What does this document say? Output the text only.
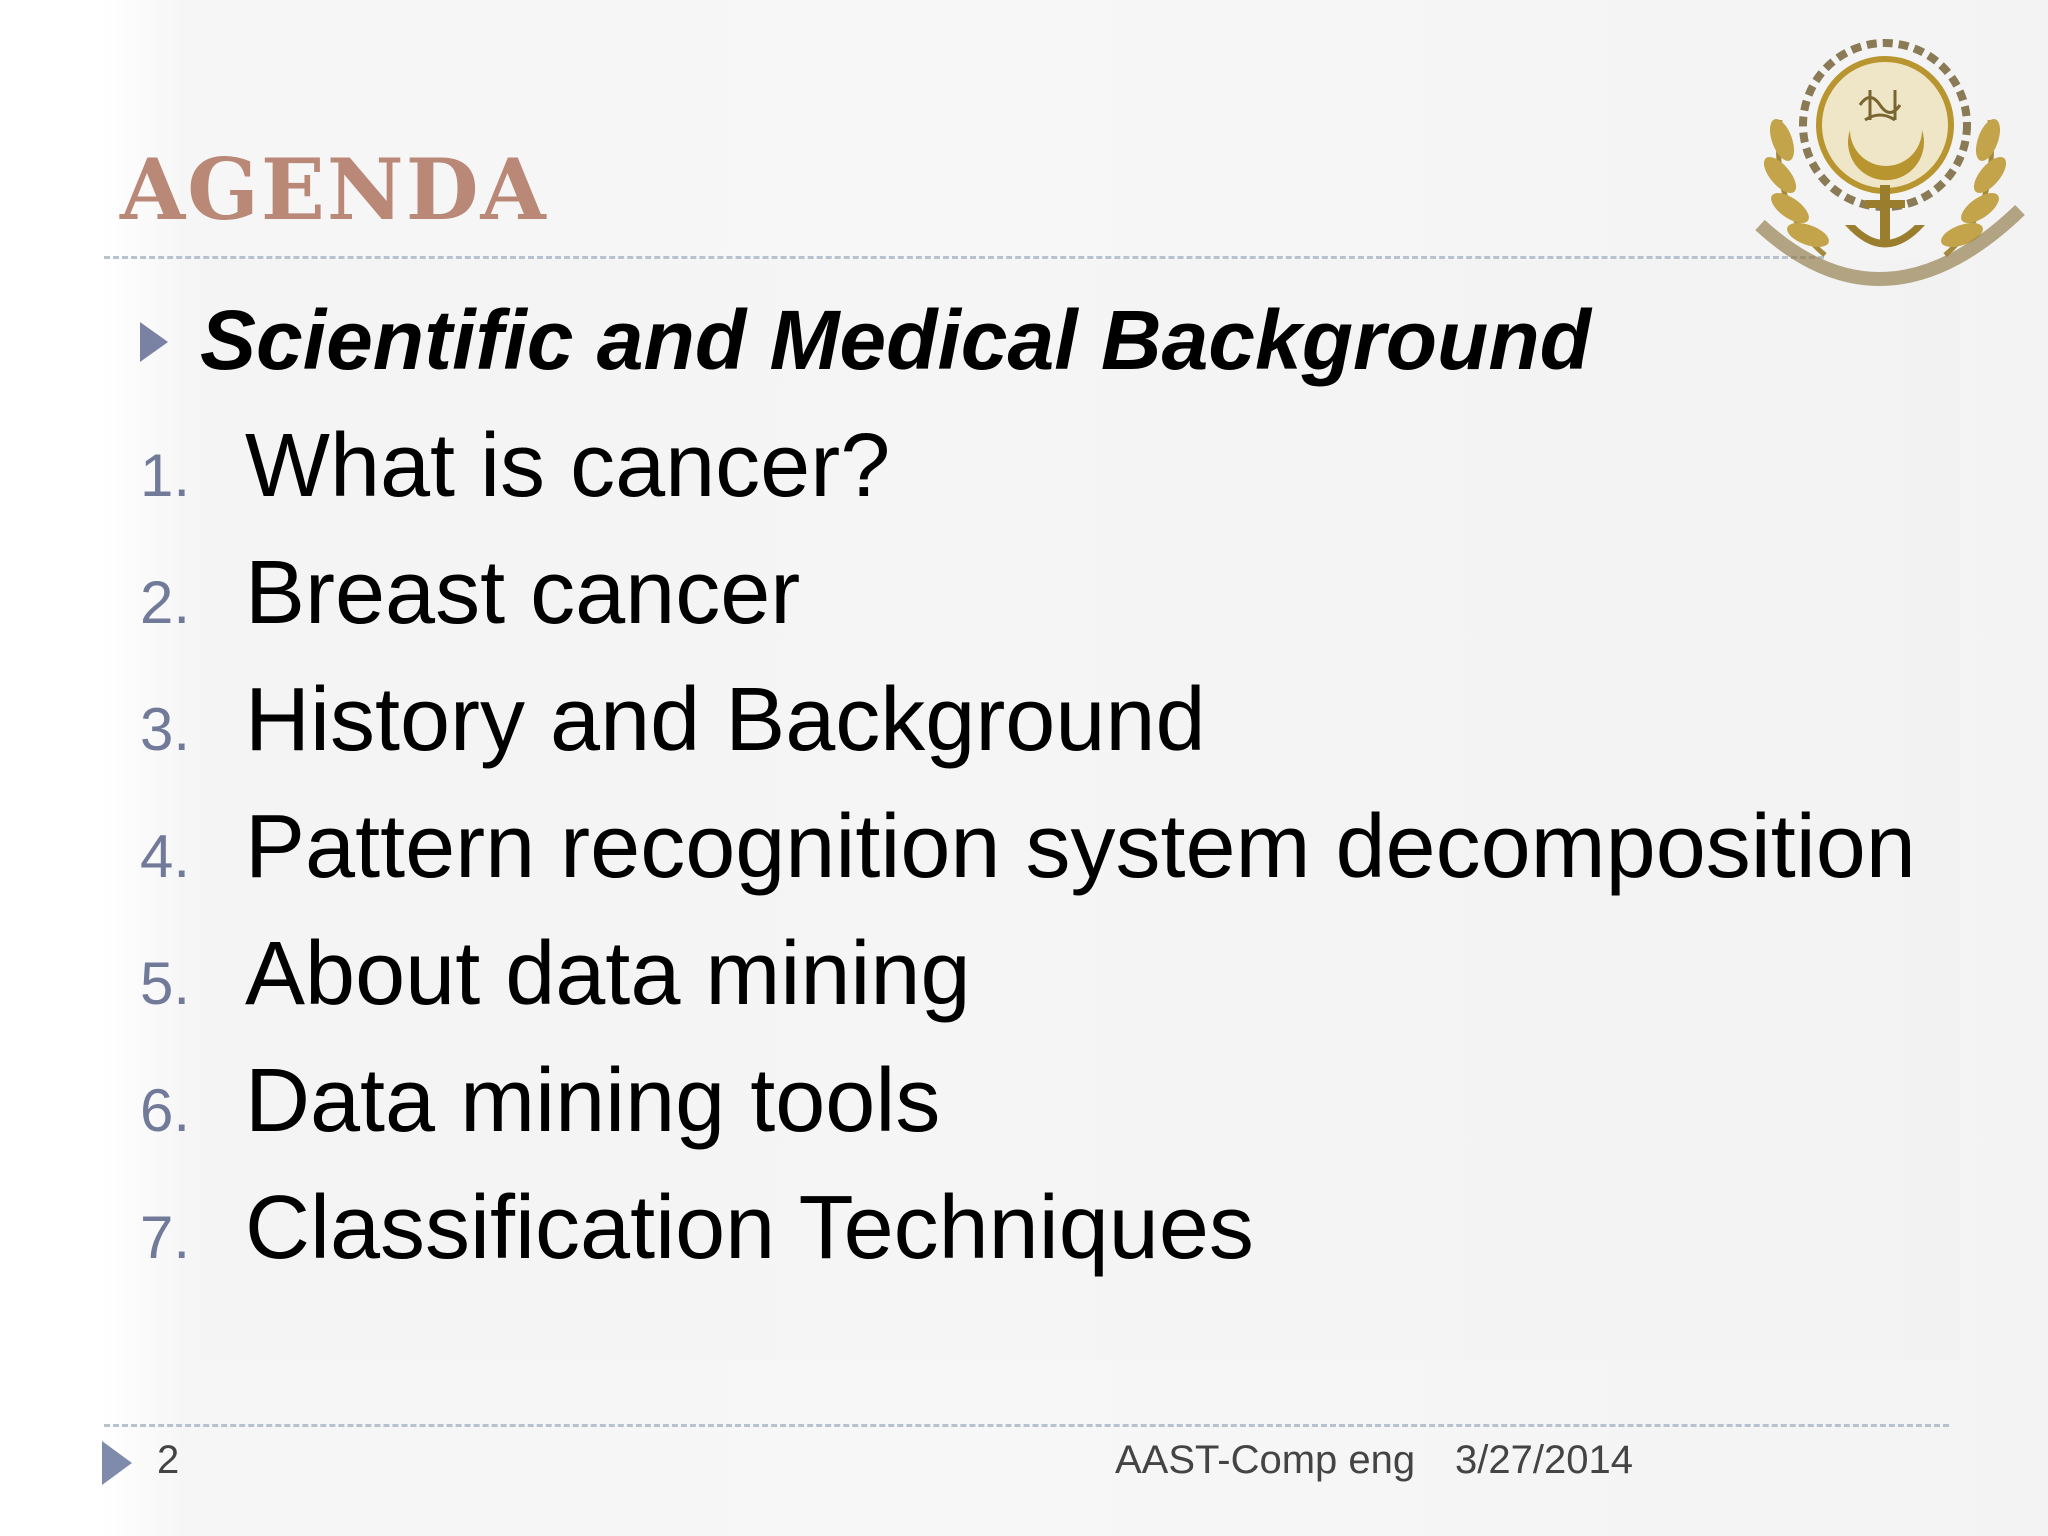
AGENDA
Scientific and Medical Background
1. What is cancer?
2. Breast cancer
3. History and Background
4. Pattern recognition system decomposition
5. About data mining
6. Data mining tools
7. Classification Techniques
2	AAST-Comp eng 3/27/2014
